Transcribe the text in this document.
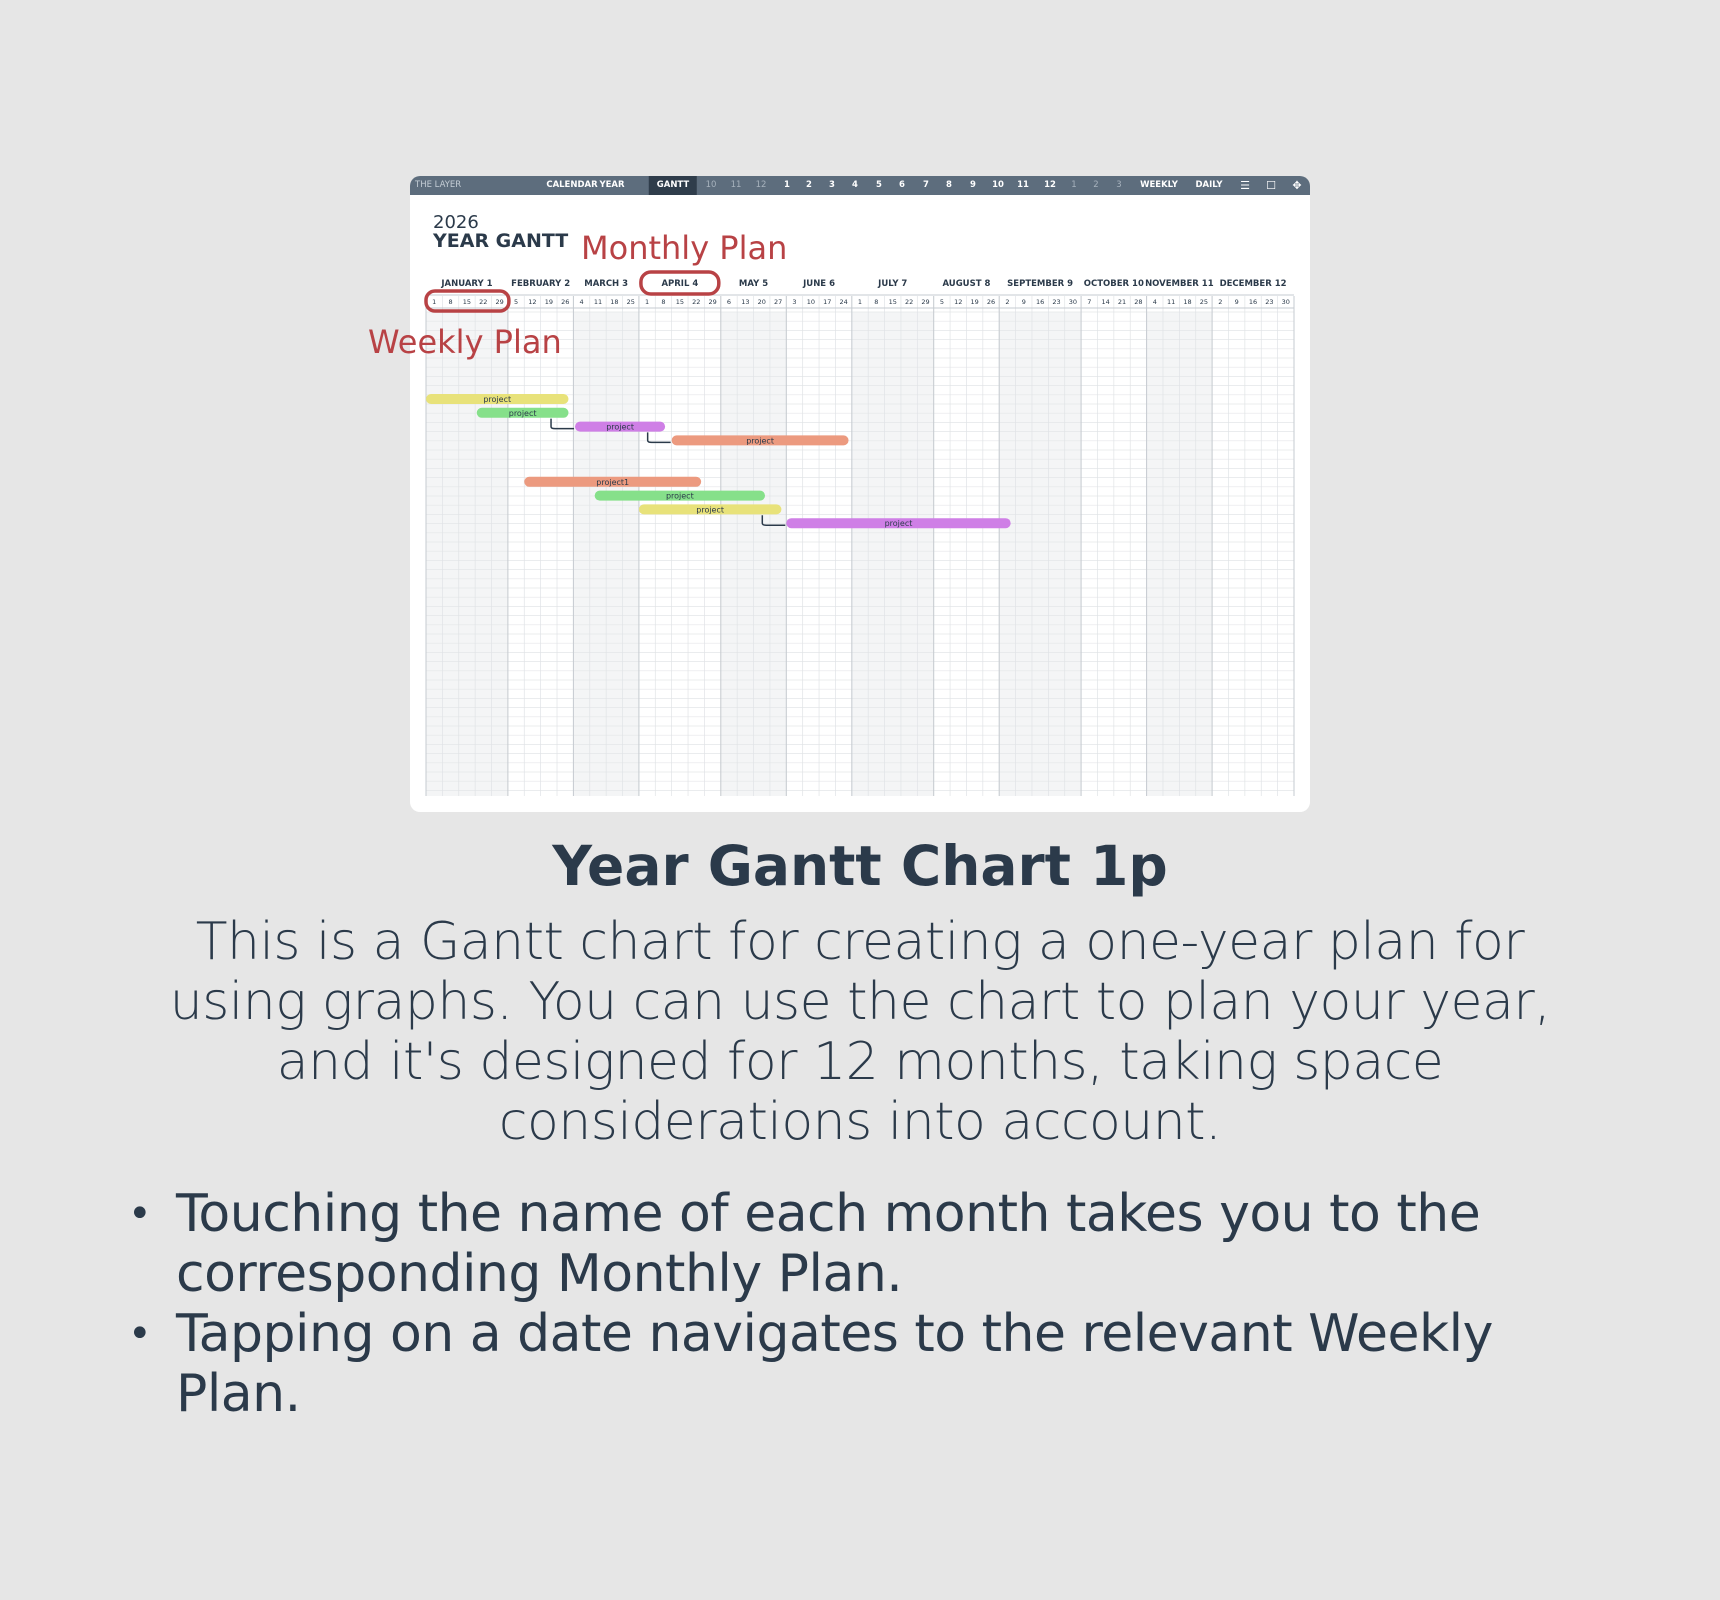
THE LAYER	CALENDAR YEAR	GANTT	10 11 12 1 2 3 4 5 6 7 8 9 10 11 12 1 2 3 WEEKLY DAILY ☰ ☐ ✥
JANUARY 1
1 8 15 22 29
FEBRUARY 2
5 12 19 26
MARCH 3
4 11 18 25
APRIL 4
1 8 15 22 29
MAY 5
6 13 20 27
JUNE 6
3 10 17 24
JULY 7
1 8 15 22 29
AUGUST 8
5 12 19 26
SEPTEMBER 9
2 9 16 23 30
OCTOBER 10
7 14 21 28
NOVEMBER 11
4 11 18 25
DECEMBER 12
2 9 16 23 30
project
project
project
project
project1
project
project
project
2026
YEAR GANTT Monthly Plan
Weekly Plan
Year Gantt Chart 1p
This is a Gantt chart for creating a one-year plan for using graphs. You can use the chart to plan your year, and it's designed for 12 months, taking space considerations into account.
• Touching the name of each month takes you to the corresponding Monthly Plan.
• Tapping on a date navigates to the relevant Weekly Plan.
